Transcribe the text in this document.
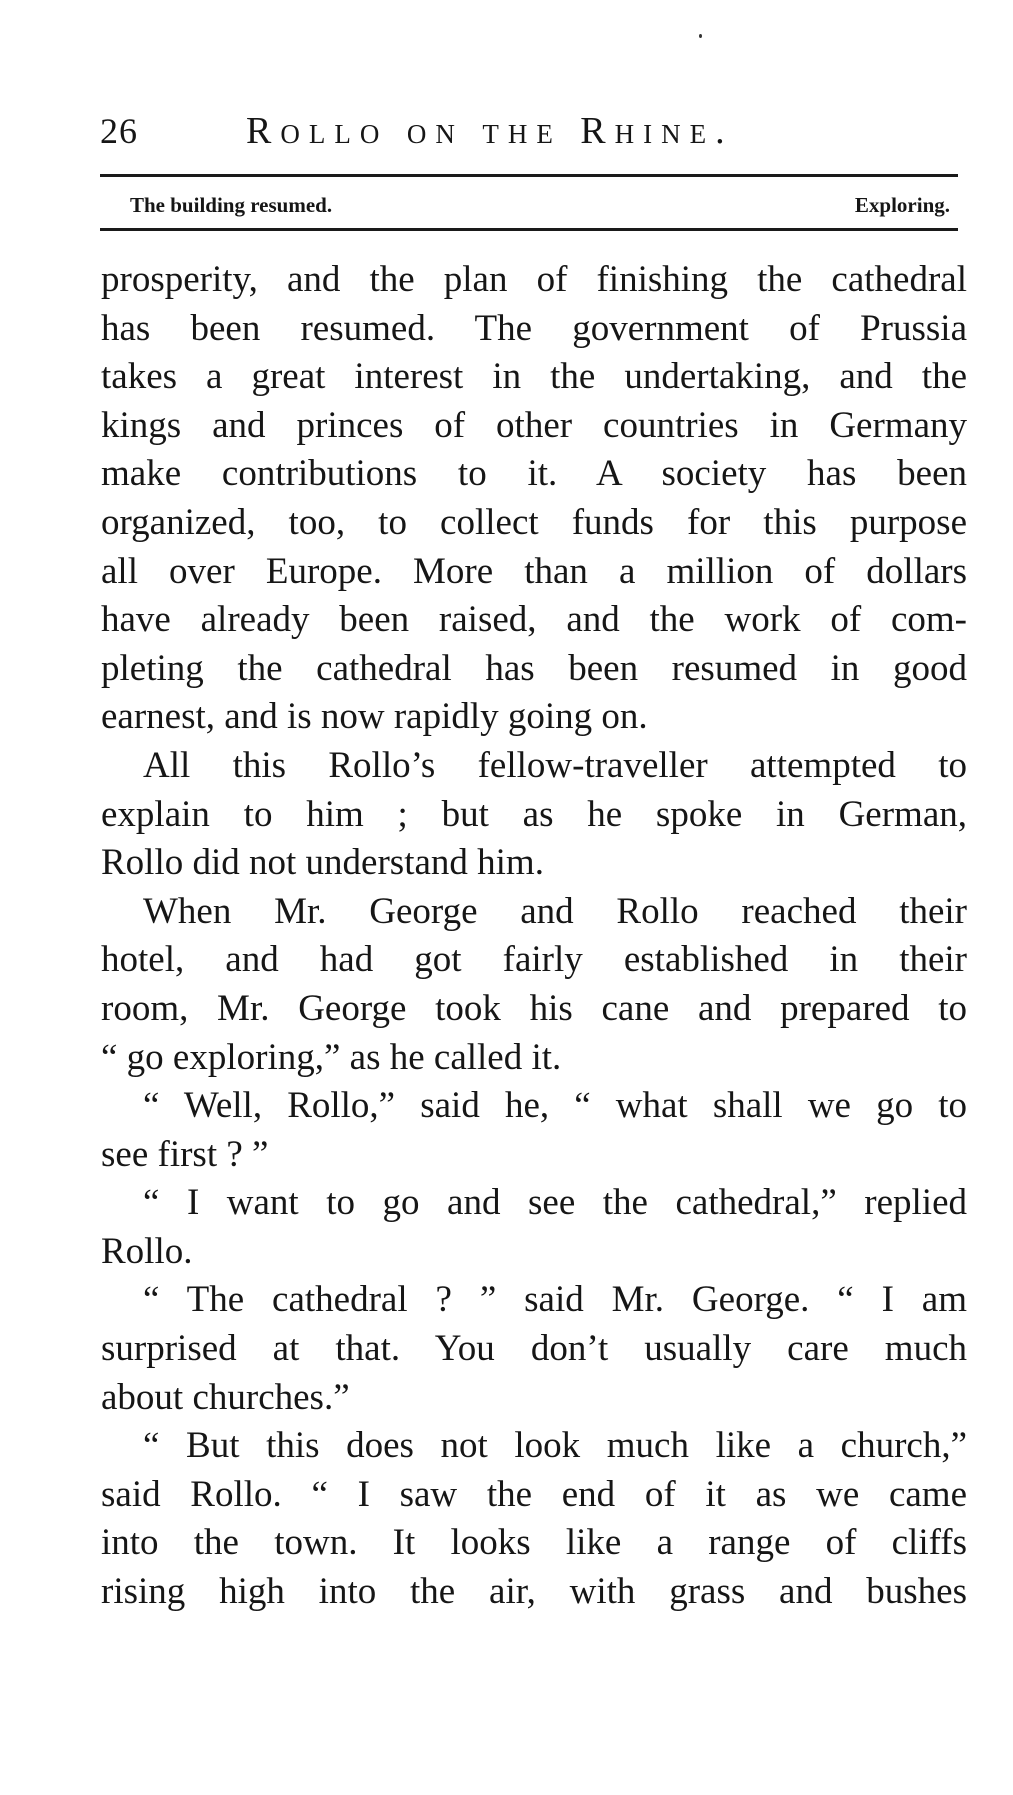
26	Rollo on the Rhine.
The building resumed.	Exploring.
prosperity, and the plan of finishing the cathedral
has been resumed. The government of Prussia
takes a great interest in the undertaking, and the
kings and princes of other countries in Germany
make contributions to it. A society has been
organized, too, to collect funds for this purpose
all over Europe. More than a million of dollars
have already been raised, and the work of com-
pleting the cathedral has been resumed in good
earnest, and is now rapidly going on.
All this Rollo’s fellow-traveller attempted to
explain to him ; but as he spoke in German,
Rollo did not understand him.
When Mr. George and Rollo reached their
hotel, and had got fairly established in their
room, Mr. George took his cane and prepared to
“ go exploring,” as he called it.
“ Well, Rollo,” said he, “ what shall we go to
see first ? ”
“ I want to go and see the cathedral,” replied
Rollo.
“ The cathedral ? ” said Mr. George. “ I am
surprised at that. You don’t usually care much
about churches.”
“ But this does not look much like a church,”
said Rollo. “ I saw the end of it as we came
into the town. It looks like a range of cliffs
rising high into the air, with grass and bushes
